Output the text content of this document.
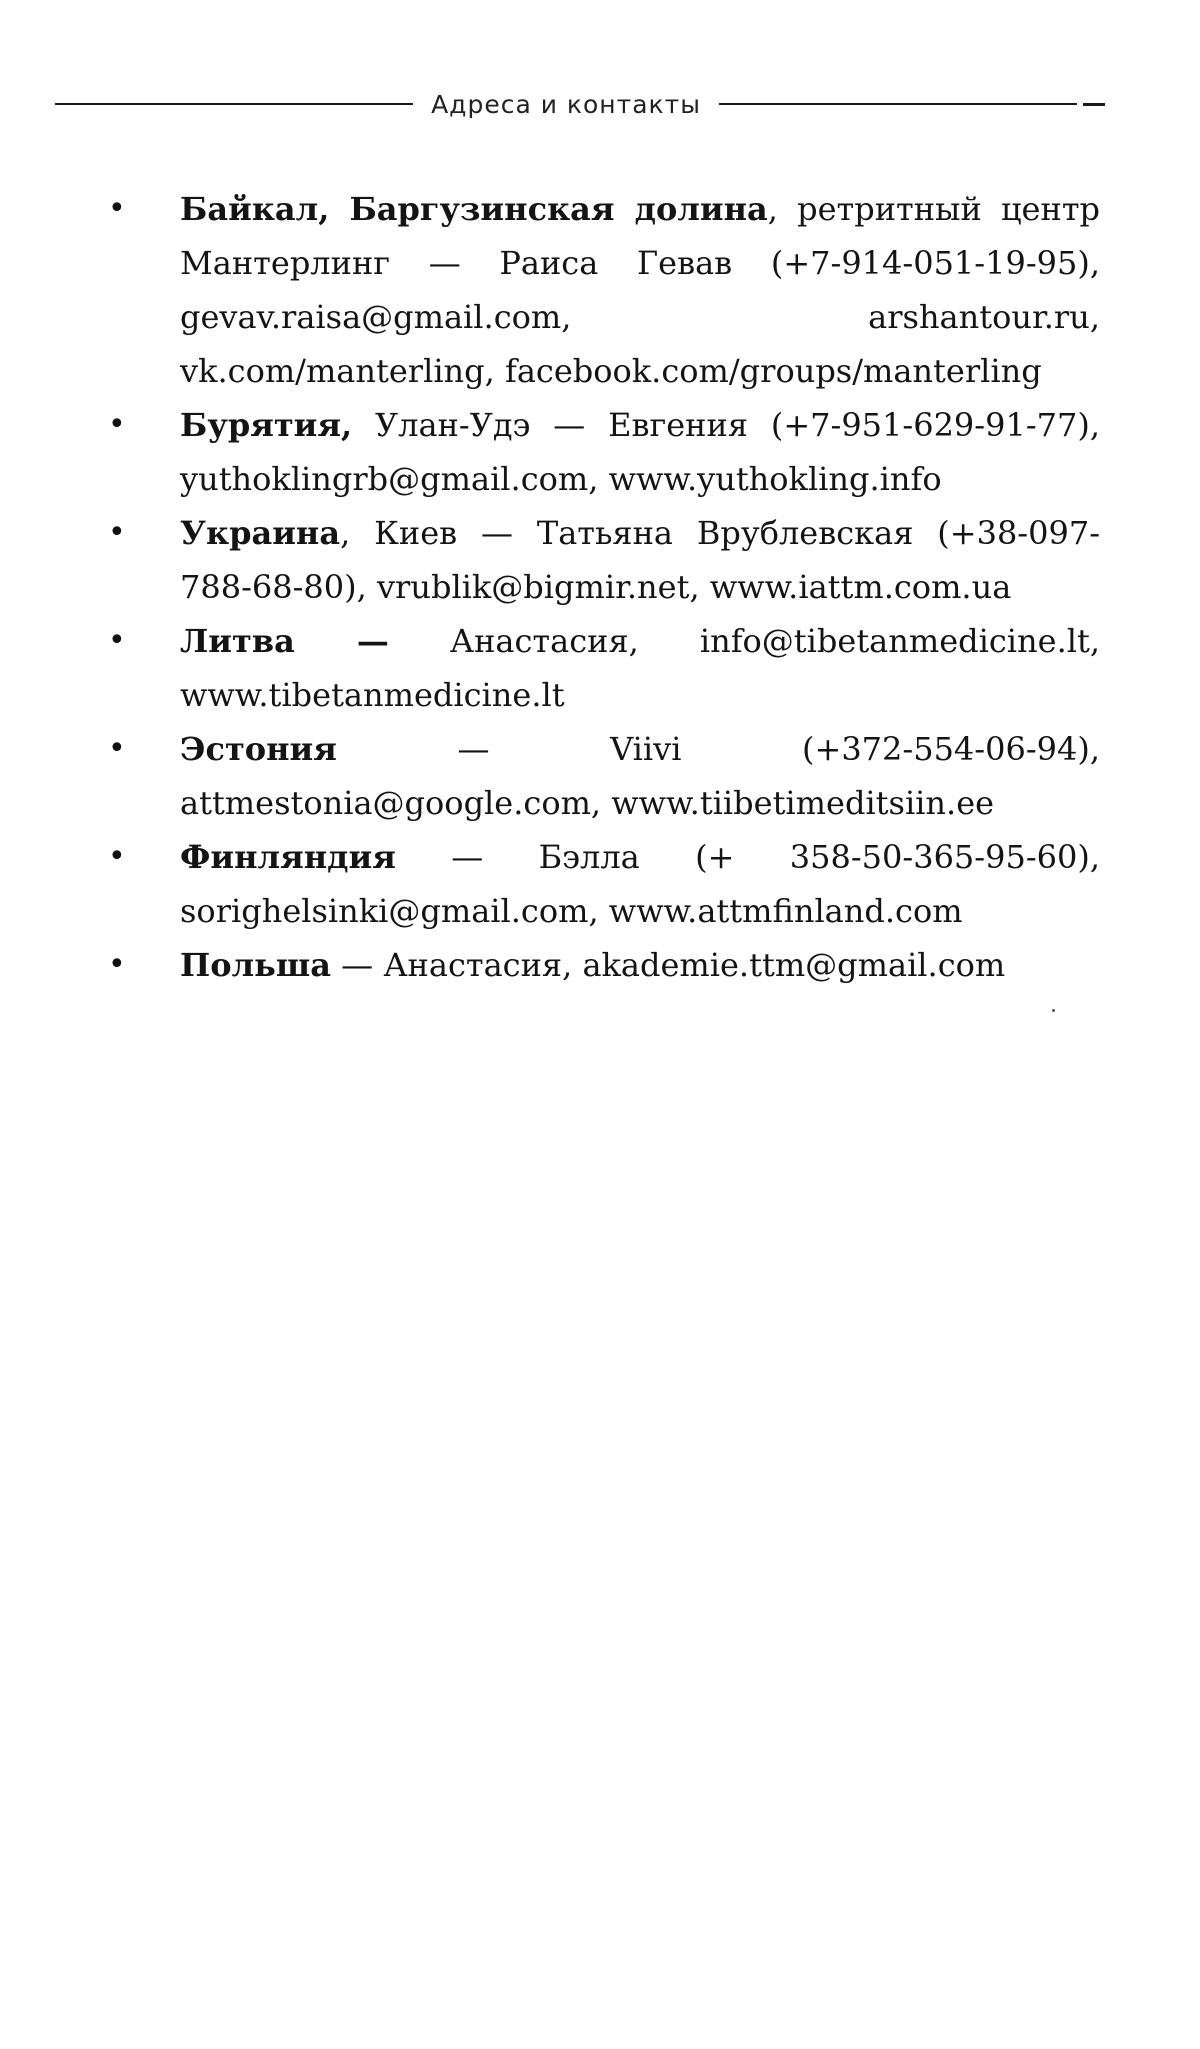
Адреса и контакты
• Байкал, Баргузинская долина, ретритный центр Мантерлинг — Раиса Гевав (+7-914-051-19-95), gevav.raisa@gmail.com, arshantour.ru, vk.com/manterling, facebook.com/groups/manterling
• Бурятия, Улан-Удэ — Евгения (+7-951-629-91-77), yuthoklingrb@gmail.com, www.yuthokling.info
• Украина, Киев — Татьяна Врублевская (+38-097-788-68-80), vrublik@bigmir.net, www.iattm.com.ua
• Литва — Анастасия, info@tibetanmedicine.lt, www.tibetanmedicine.lt
• Эстония — Viivi (+372-554-06-94), attmestonia@google.com, www.tiibetimeditsiin.ee
• Финляндия — Бэлла (+ 358-50-365-95-60), sorighelsinki@gmail.com, www.attmfinland.com
• Польша — Анастасия, akademie.ttm@gmail.com
